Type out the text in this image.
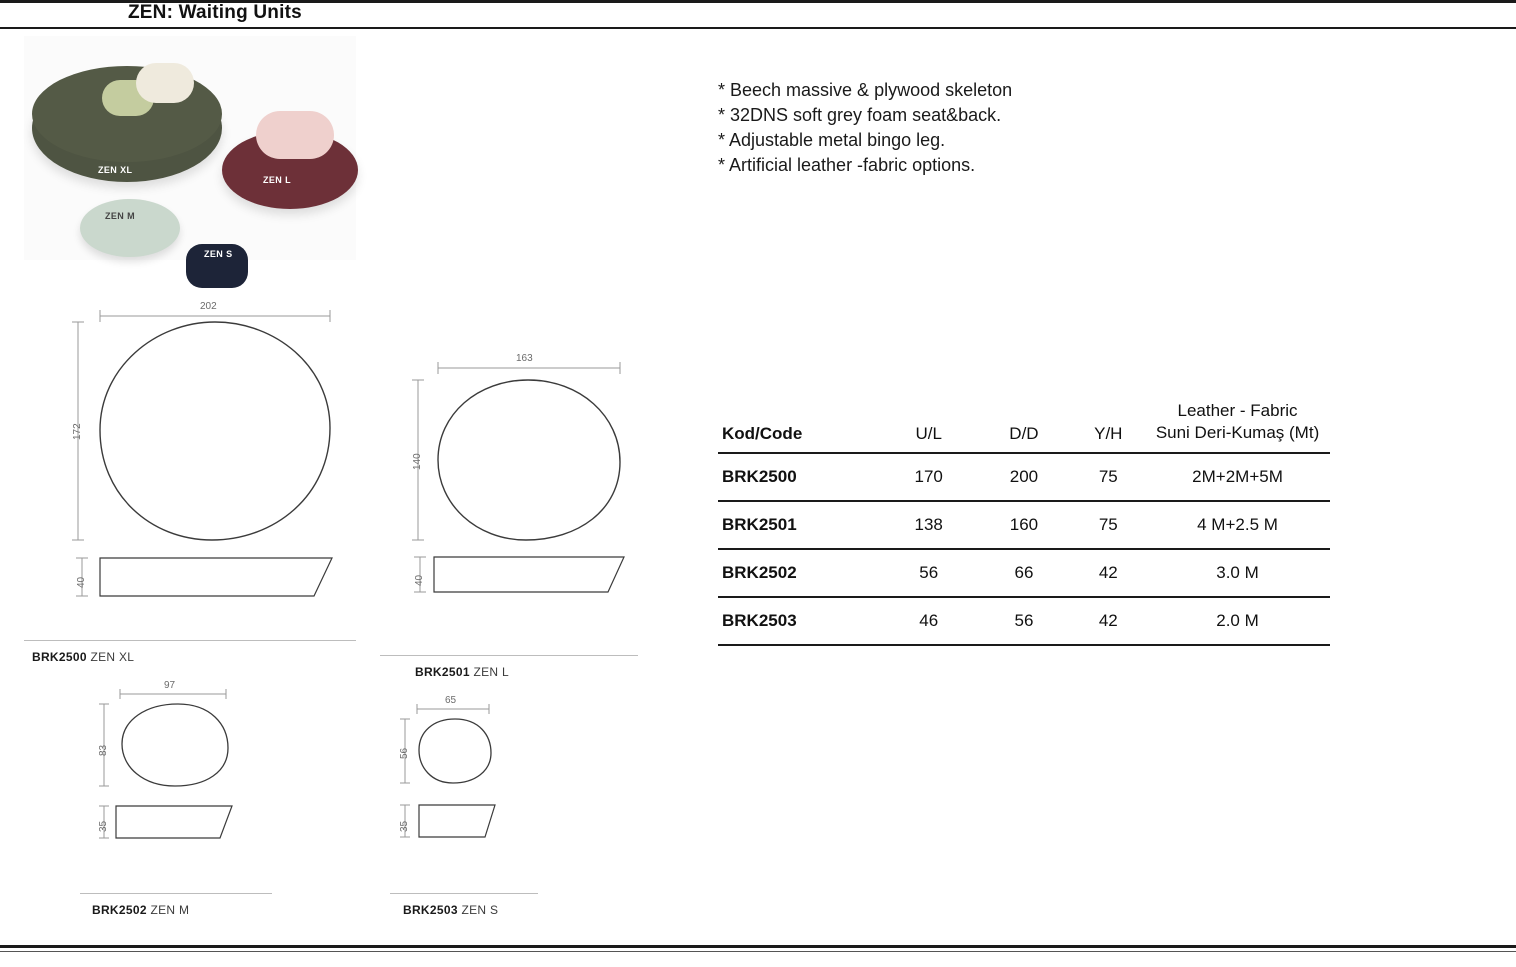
ZEN: Waiting Units
ZEN XL
ZEN L
ZEN M
ZEN S
* Beech massive & plywood skeleton
* 32DNS soft grey foam seat&back.
* Adjustable metal bingo leg.
* Artificial leather -fabric options.
Kod/Code	U/L	D/D	Y/H	Leather - Fabric
Suni Deri-Kumaş (Mt)

BRK2500	170	200	75	2M+2M+5M
BRK2501	138	160	75	4 M+2.5 M
BRK2502	56	66	42	3.0 M
BRK2503	46	56	42	2.0 M
202
172
40
BRK2500 ZEN XL
163
140
40
BRK2501 ZEN L
97
83
35
BRK2502 ZEN M
65
56
35
BRK2503 ZEN S
